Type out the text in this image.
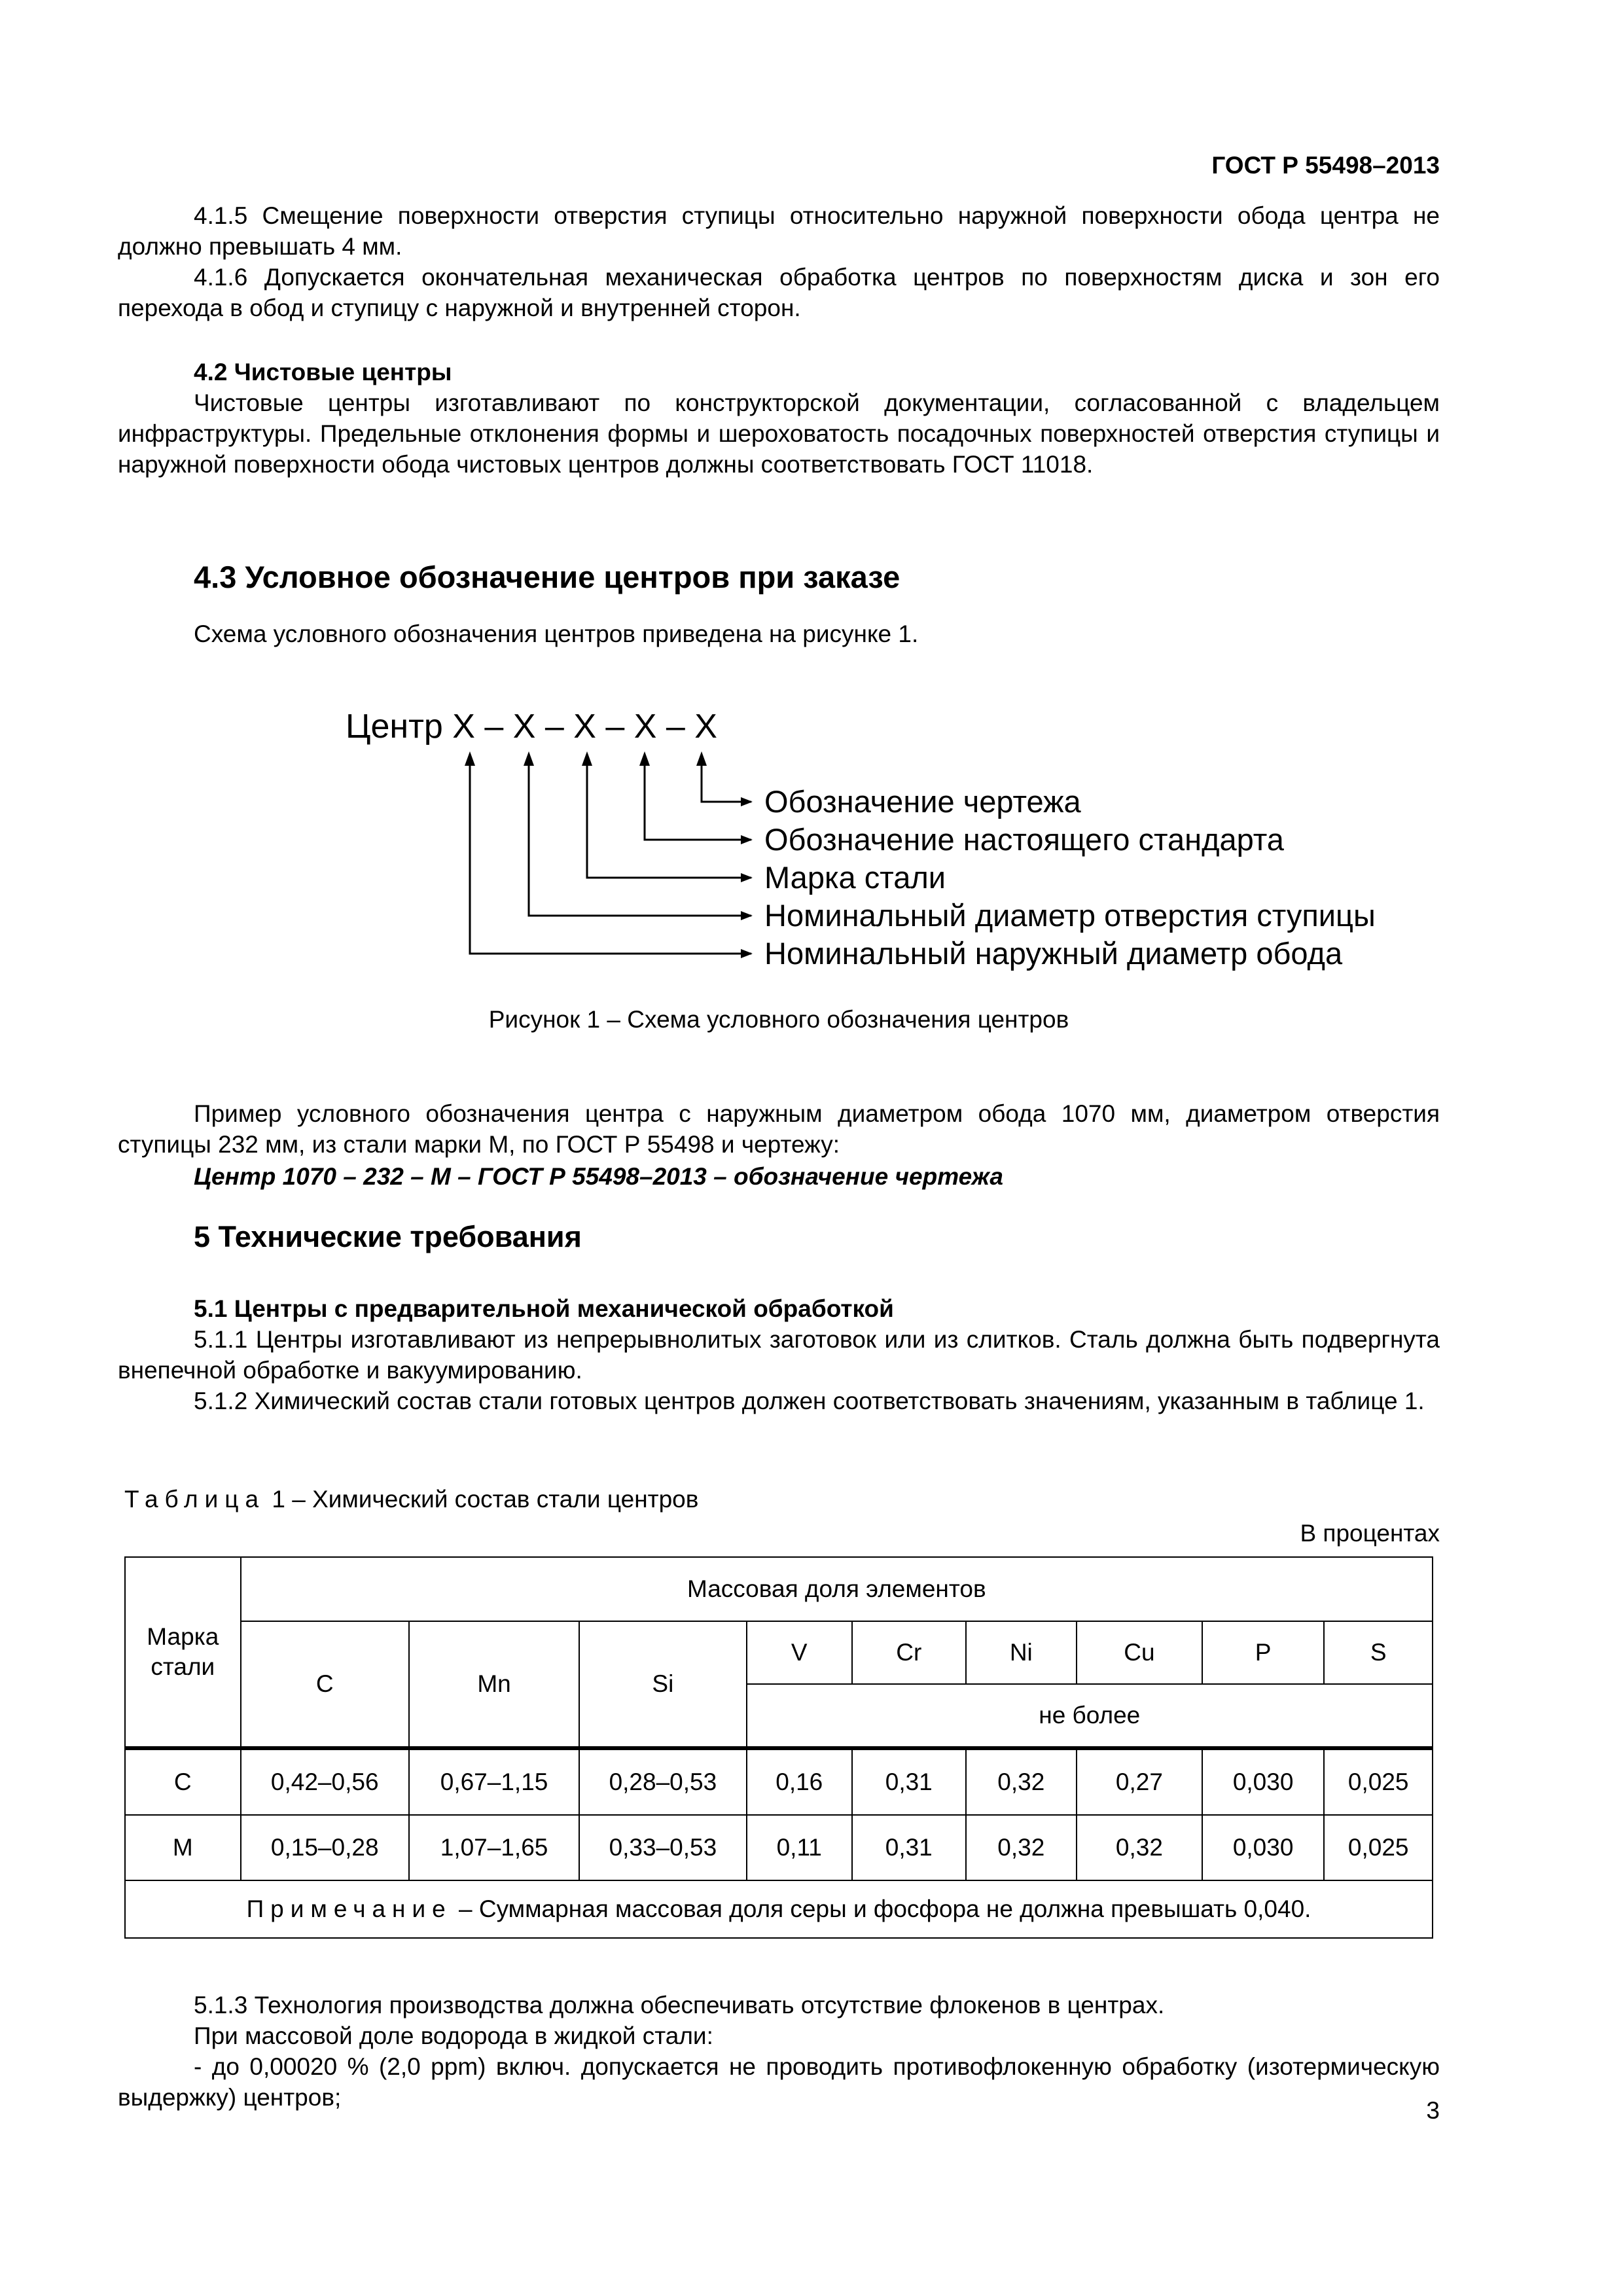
ГОСТ Р 55498–2013

4.1.5 Смещение поверхности отверстия ступицы относительно наружной поверхности обода центра не должно превышать 4 мм.

4.1.6 Допускается окончательная механическая обработка центров по поверхностям диска и зон его перехода в обод и ступицу с наружной и внутренней сторон.

4.2 Чистовые центры

Чистовые центры изготавливают по конструкторской документации, согласованной с владельцем инфраструктуры. Предельные отклонения формы и шероховатость посадочных поверхностей отверстия ступицы и наружной поверхности обода чистовых центров должны соответствовать ГОСТ 11018.

4.3 Условное обозначение центров при заказе

Схема условного обозначения центров приведена на рисунке 1.

Центр Х – Х – Х – Х – Х
Обозначение чертежа
Обозначение настоящего стандарта
Марка стали
Номинальный диаметр отверстия ступицы
Номинальный наружный диаметр обода
Рисунок 1 – Схема условного обозначения центров

Пример условного обозначения центра с наружным диаметром обода 1070 мм, диаметром отверстия ступицы 232 мм, из стали марки М, по ГОСТ Р 55498 и чертежу:

Центр 1070 – 232 – М – ГОСТ Р 55498–2013 – обозначение чертежа

5 Технические требования

5.1 Центры с предварительной механической обработкой

5.1.1 Центры изготавливают из непрерывнолитых заготовок или из слитков. Сталь должна быть подвергнута внепечной обработке и вакуумированию.

5.1.2 Химический состав стали готовых центров должен соответствовать значениям, указанным в таблице 1.

Таблица 1 – Химический состав стали центров
В процентах
Марка стали	Массовая доля элементов								
	C	Mn	Si	V	Cr	Ni	Cu	P	S
				не более					
С	0,42–0,56	0,67–1,15	0,28–0,53	0,16	0,31	0,32	0,27	0,030	0,025
М	0,15–0,28	1,07–1,65	0,33–0,53	0,11	0,31	0,32	0,32	0,030	0,025
Примечание – Суммарная массовая доля серы и фосфора не должна превышать 0,040.									

5.1.3 Технология производства должна обеспечивать отсутствие флокенов в центрах.

При массовой доле водорода в жидкой стали:

- до 0,00020 % (2,0 ppm) включ. допускается не проводить противофлокенную обработку (изотермическую выдержку) центров;	3
